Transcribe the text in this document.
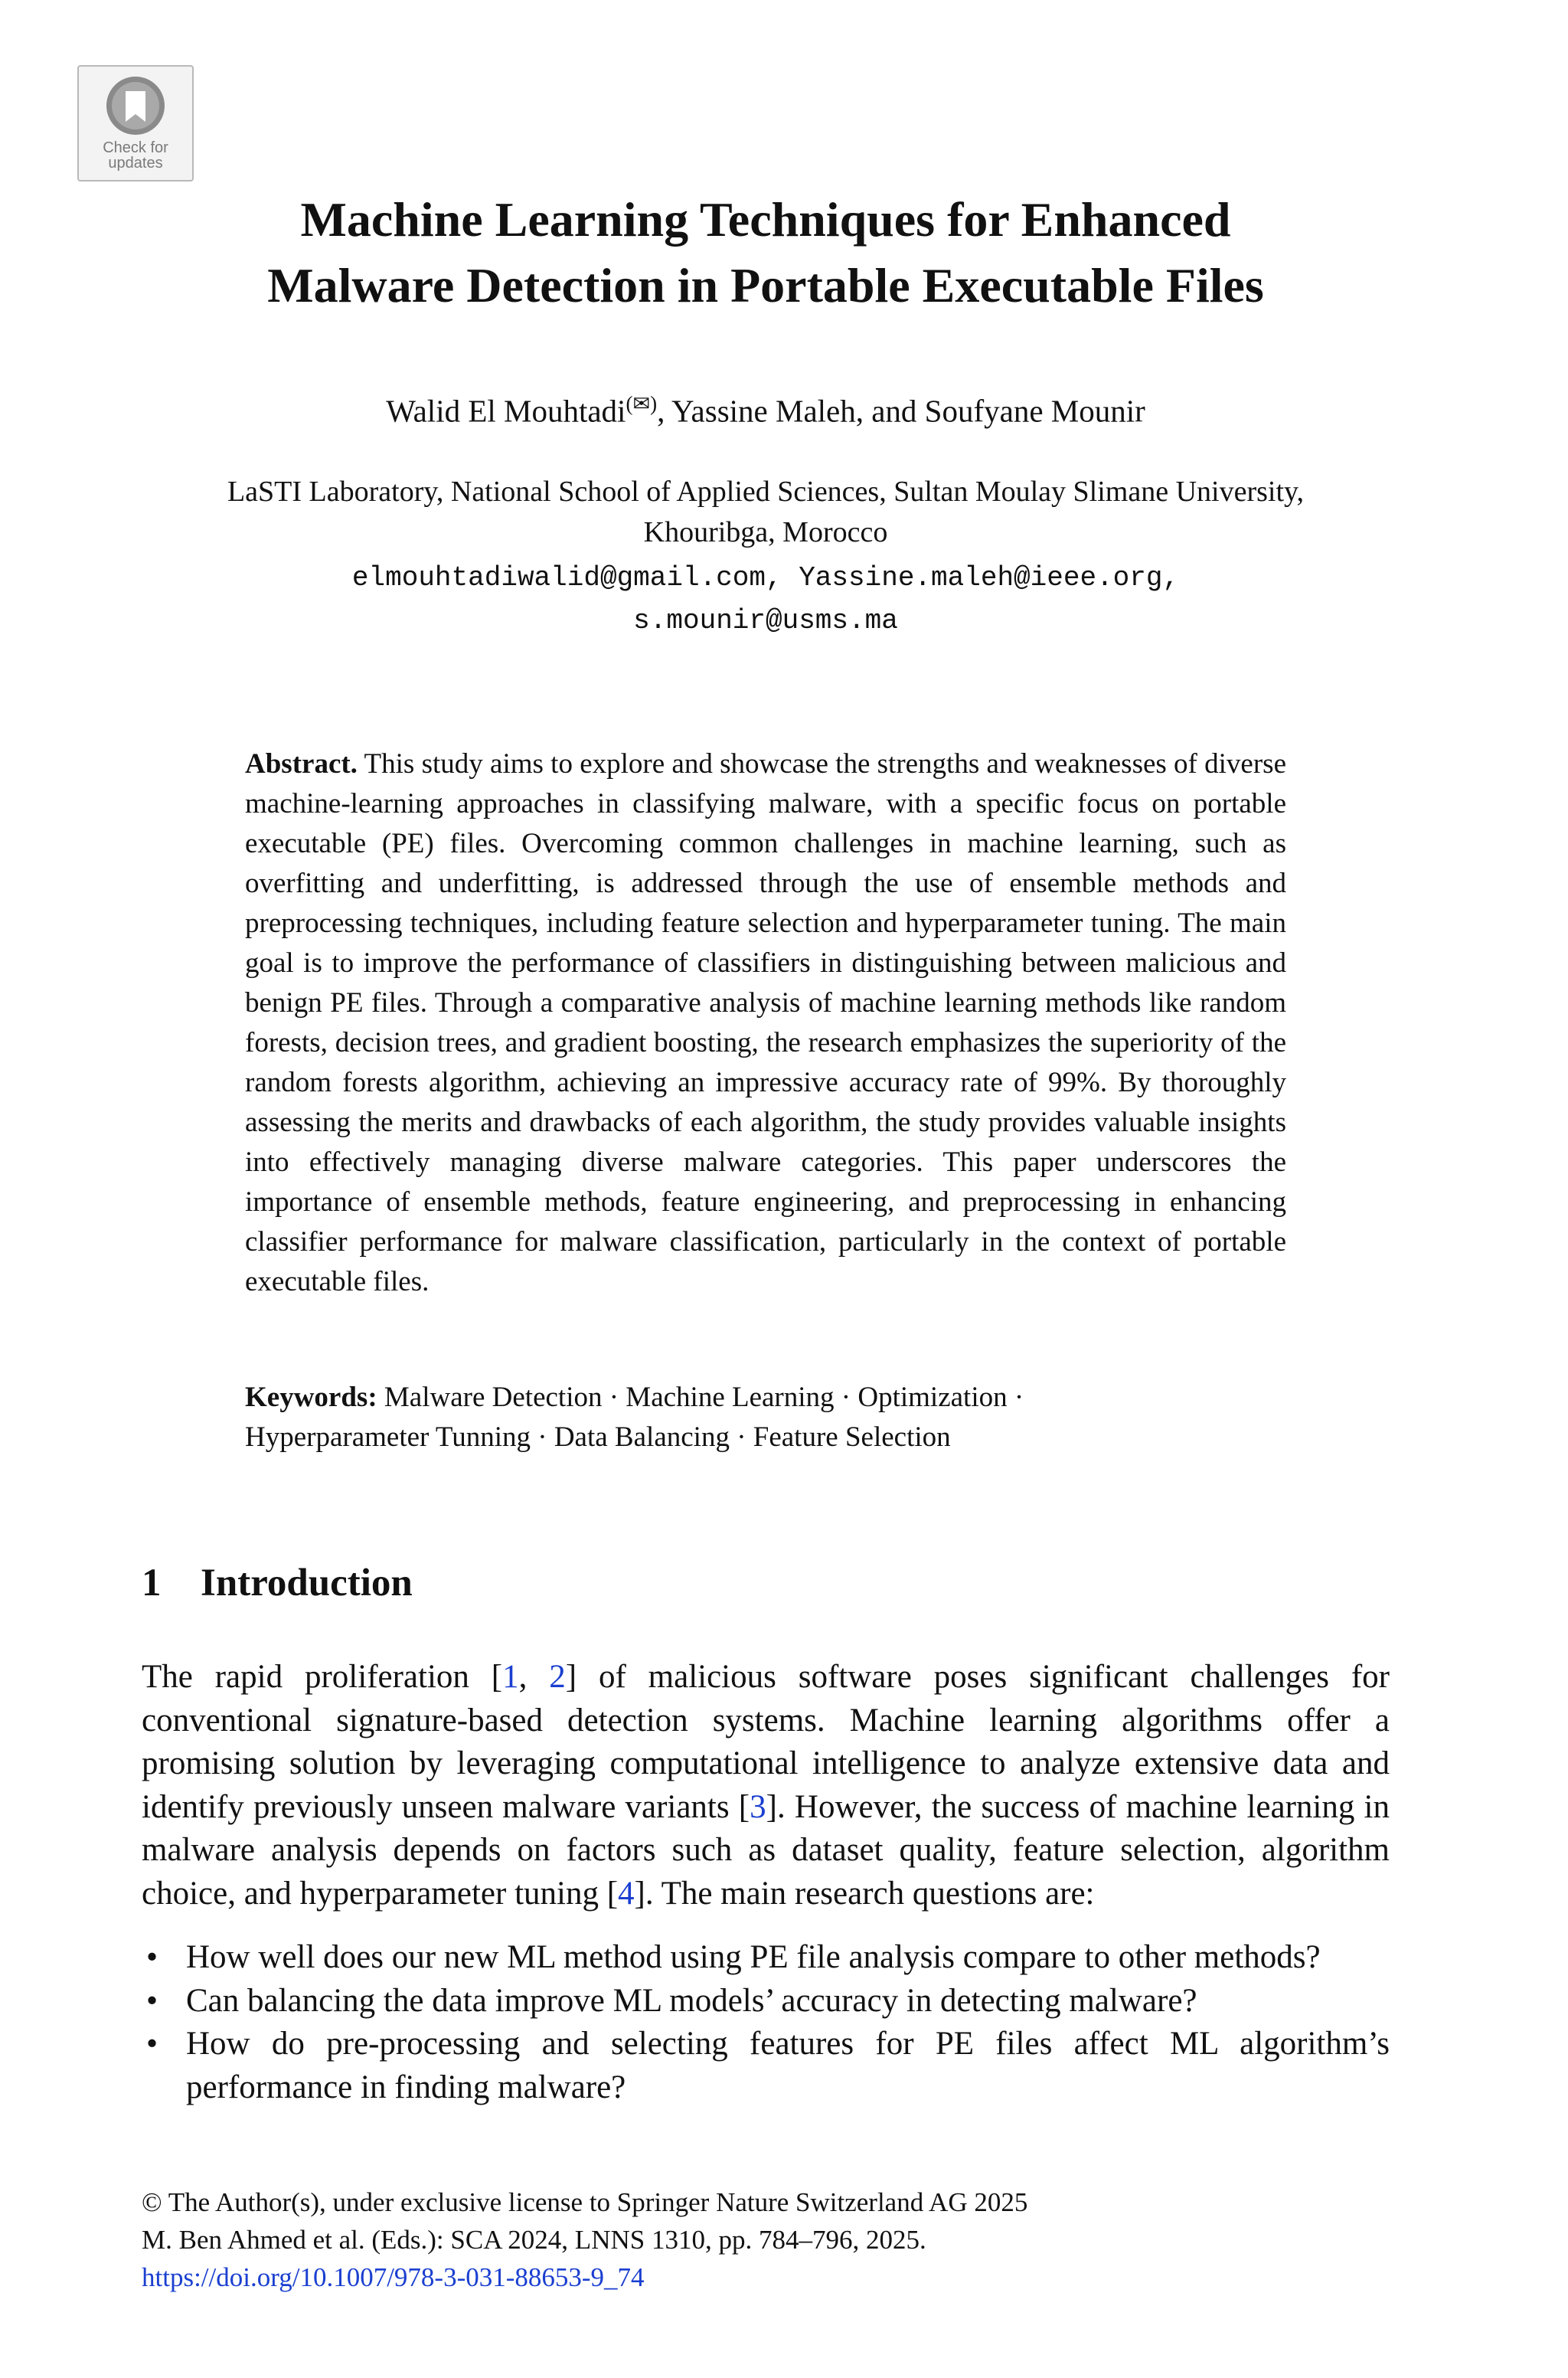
Check for
updates
Machine Learning Techniques for Enhanced
Malware Detection in Portable Executable Files
Walid El Mouhtadi(✉), Yassine Maleh, and Soufyane Mounir
LaSTI Laboratory, National School of Applied Sciences, Sultan Moulay Slimane University,
Khouribga, Morocco
elmouhtadiwalid@gmail.com, Yassine.maleh@ieee.org,
s.mounir@usms.ma
Abstract. This study aims to explore and showcase the strengths and weaknesses of diverse machine-learning approaches in classifying malware, with a specific focus on portable executable (PE) files. Overcoming common challenges in machine learning, such as overfitting and underfitting, is addressed through the use of ensemble methods and preprocessing techniques, including feature selection and hyperparameter tuning. The main goal is to improve the performance of classifiers in distinguishing between malicious and benign PE files. Through a comparative analysis of machine learning methods like random forests, decision trees, and gradient boosting, the research emphasizes the superiority of the random forests algorithm, achieving an impressive accuracy rate of 99%. By thoroughly assessing the merits and drawbacks of each algorithm, the study provides valuable insights into effectively managing diverse malware categories. This paper underscores the importance of ensemble methods, feature engineering, and preprocessing in enhancing classifier performance for malware classification, particularly in the context of portable executable files.
Keywords: Malware Detection · Machine Learning · Optimization ·
Hyperparameter Tunning · Data Balancing · Feature Selection
1 Introduction
The rapid proliferation [1, 2] of malicious software poses significant challenges for conventional signature-based detection systems. Machine learning algorithms offer a promising solution by leveraging computational intelligence to analyze extensive data and identify previously unseen malware variants [3]. However, the success of machine learning in malware analysis depends on factors such as dataset quality, feature selection, algorithm choice, and hyperparameter tuning [4]. The main research questions are:
• How well does our new ML method using PE file analysis compare to other methods?
• Can balancing the data improve ML models’ accuracy in detecting malware?
• How do pre-processing and selecting features for PE files affect ML algorithm’s performance in finding malware?
© The Author(s), under exclusive license to Springer Nature Switzerland AG 2025
M. Ben Ahmed et al. (Eds.): SCA 2024, LNNS 1310, pp. 784–796, 2025.
https://doi.org/10.1007/978-3-031-88653-9_74
